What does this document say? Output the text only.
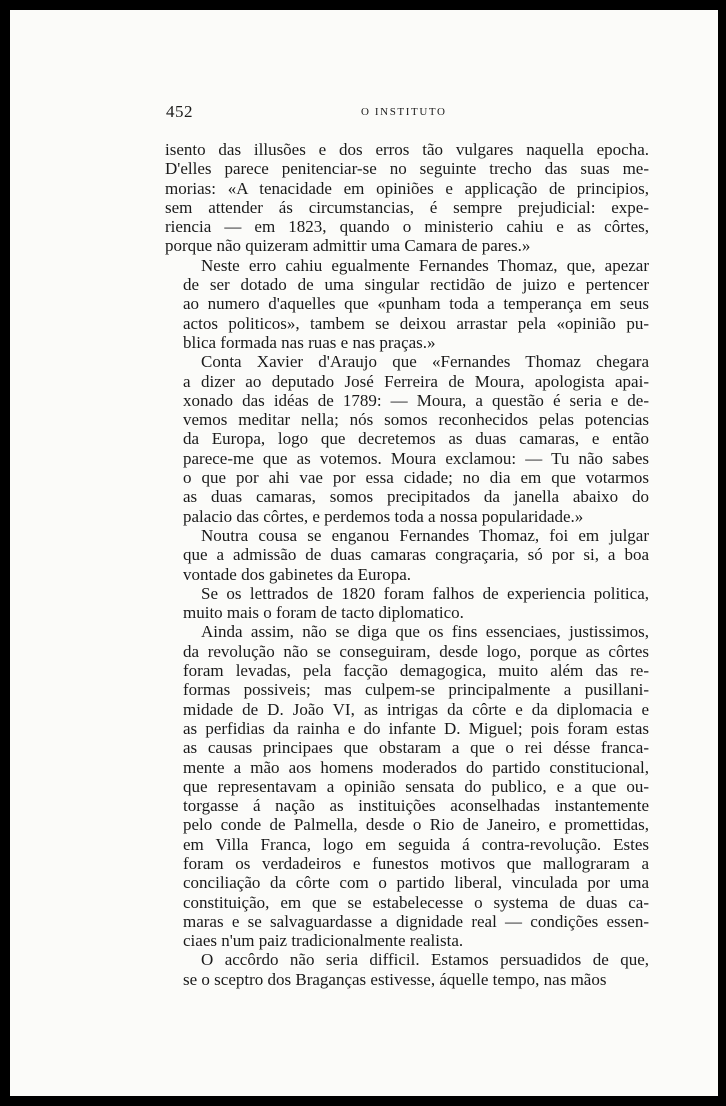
452	O INSTITUTO
isento das illusões e dos erros tão vulgares naquella epocha.
D'elles parece penitenciar-se no seguinte trecho das suas me-
morias: «A tenacidade em opiniões e applicação de principios,
sem attender ás circumstancias, é sempre prejudicial: expe-
riencia — em 1823, quando o ministerio cahiu e as côrtes,
porque não quizeram admittir uma Camara de pares.»
Neste erro cahiu egualmente Fernandes Thomaz, que, apezar
de ser dotado de uma singular rectidão de juizo e pertencer
ao numero d'aquelles que «punham toda a temperança em seus
actos politicos», tambem se deixou arrastar pela «opinião pu-
blica formada nas ruas e nas praças.»
Conta Xavier d'Araujo que «Fernandes Thomaz chegara
a dizer ao deputado José Ferreira de Moura, apologista apai-
xonado das idéas de 1789: — Moura, a questão é seria e de-
vemos meditar nella; nós somos reconhecidos pelas potencias
da Europa, logo que decretemos as duas camaras, e então
parece-me que as votemos. Moura exclamou: — Tu não sabes
o que por ahi vae por essa cidade; no dia em que votarmos
as duas camaras, somos precipitados da janella abaixo do
palacio das côrtes, e perdemos toda a nossa popularidade.»
Noutra cousa se enganou Fernandes Thomaz, foi em julgar
que a admissão de duas camaras congraçaria, só por si, a boa
vontade dos gabinetes da Europa.
Se os lettrados de 1820 foram falhos de experiencia politica,
muito mais o foram de tacto diplomatico.
Ainda assim, não se diga que os fins essenciaes, justissimos,
da revolução não se conseguiram, desde logo, porque as côrtes
foram levadas, pela facção demagogica, muito além das re-
formas possiveis; mas culpem-se principalmente a pusillani-
midade de D. João VI, as intrigas da côrte e da diplomacia e
as perfidias da rainha e do infante D. Miguel; pois foram estas
as causas principaes que obstaram a que o rei désse franca-
mente a mão aos homens moderados do partido constitucional,
que representavam a opinião sensata do publico, e a que ou-
torgasse á nação as instituições aconselhadas instantemente
pelo conde de Palmella, desde o Rio de Janeiro, e promettidas,
em Villa Franca, logo em seguida á contra-revolução. Estes
foram os verdadeiros e funestos motivos que mallograram a
conciliação da côrte com o partido liberal, vinculada por uma
constituição, em que se estabelecesse o systema de duas ca-
maras e se salvaguardasse a dignidade real — condições essen-
ciaes n'um paiz tradicionalmente realista.
O accôrdo não seria difficil. Estamos persuadidos de que,
se o sceptro dos Braganças estivesse, áquelle tempo, nas mãos
